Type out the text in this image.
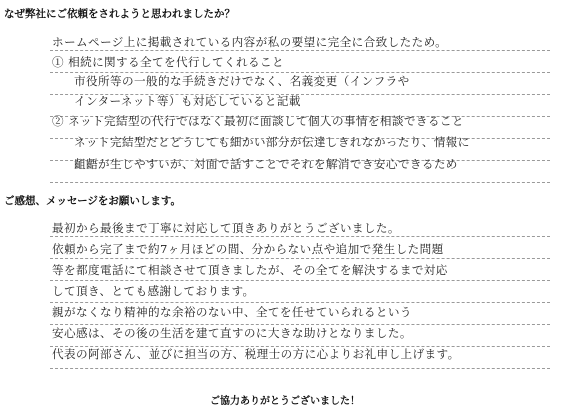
なぜ弊社にご依頼をされようと思われましたか？
ホームページ上に掲載されている内容が私の要望に完全に合致したため。
① 相続に関する全てを代行してくれること
市役所等の一般的な手続きだけでなく、名義変更（インフラや
インターネット等）も対応していると記載
② ネット完結型の代行ではなく最初に面談して個人の事情を相談できること
ネット完結型だとどうしても細かい部分が伝達しきれなかったり、情報に
齟齬が生じやすいが、対面で話すことでそれを解消でき安心できるため
ご感想、メッセージをお願いします。
最初から最後まで丁寧に対応して頂きありがとうございました。
依頼から完了まで約7ヶ月ほどの間、分からない点や追加で発生した問題
等を都度電話にて相談させて頂きましたが、その全てを解決するまで対応
して頂き、とても感謝しております。
親がなくなり精神的な余裕のない中、全てを任せていられるという
安心感は、その後の生活を建て直すのに大きな助けとなりました。
代表の阿部さん、並びに担当の方、税理士の方に心よりお礼申し上げます。
ご協力ありがとうございました！
